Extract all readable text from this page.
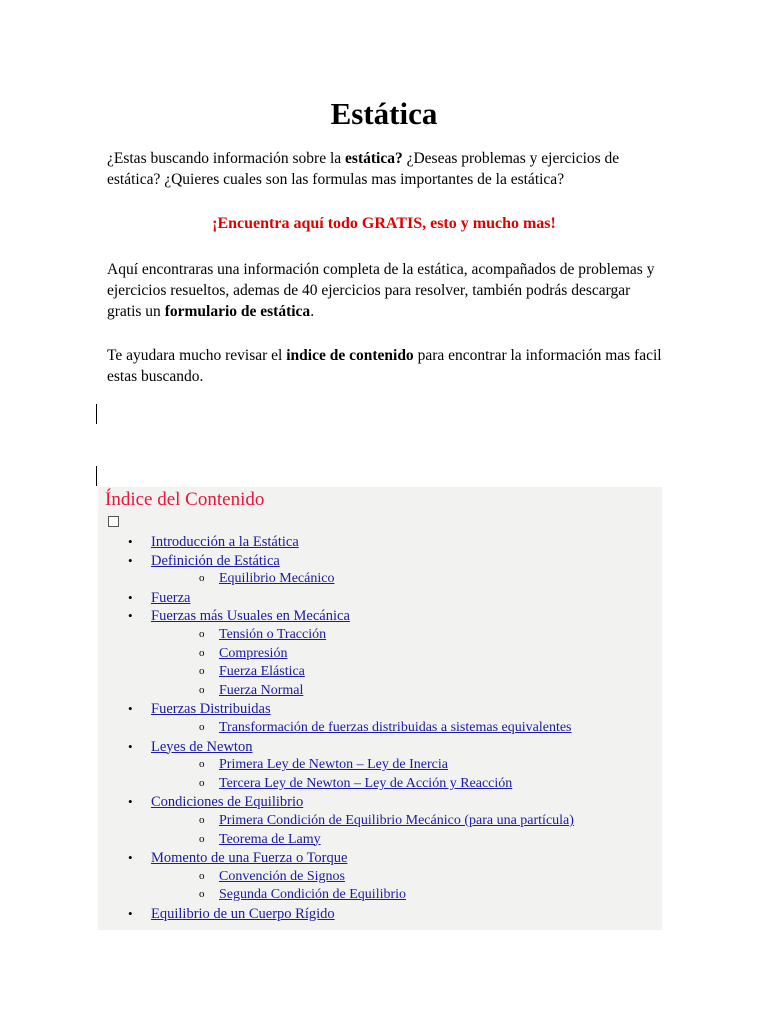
Estática

¿Estas buscando información sobre la estática? ¿Deseas problemas y ejercicios de estática? ¿Quieres cuales son las formulas mas importantes de la estática?

¡Encuentra aquí todo GRATIS, esto y mucho mas!

Aquí encontraras una información completa de la estática, acompañados de problemas y ejercicios resueltos, ademas de 40 ejercicios para resolver, también podrás descargar gratis un formulario de estática.

Te ayudara mucho revisar el indice de contenido para encontrar la información mas facil estas buscando.

Índice del Contenido
• Introducción a la Estática
• Definición de Estática
o Equilibrio Mecánico
• Fuerza
• Fuerzas más Usuales en Mecánica
o Tensión o Tracción
o Compresión
o Fuerza Elástica
o Fuerza Normal
• Fuerzas Distribuidas
o Transformación de fuerzas distribuidas a sistemas equivalentes
• Leyes de Newton
o Primera Ley de Newton – Ley de Inercia
o Tercera Ley de Newton – Ley de Acción y Reacción
• Condiciones de Equilibrio
o Primera Condición de Equilibrio Mecánico (para una partícula)
o Teorema de Lamy
• Momento de una Fuerza o Torque
o Convención de Signos
o Segunda Condición de Equilibrio
• Equilibrio de un Cuerpo Rígido
